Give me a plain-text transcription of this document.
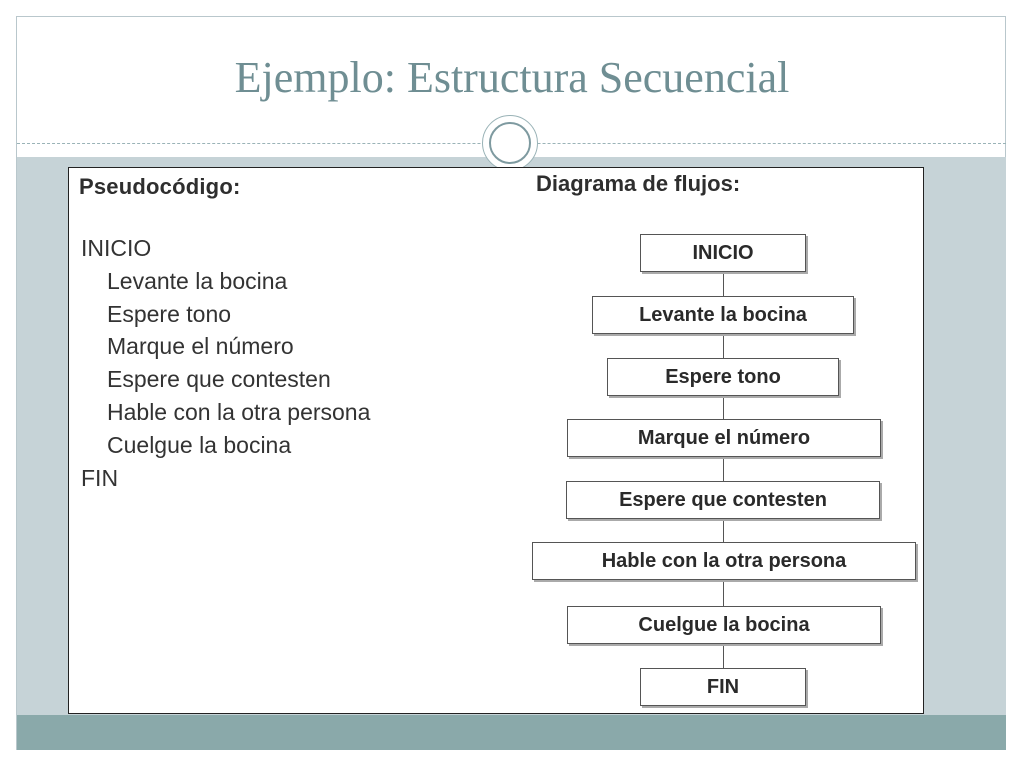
Ejemplo: Estructura Secuencial
Pseudocódigo:
INICIO
Levante la bocina
Espere tono
Marque el número
Espere que contesten
Hable con la otra persona
Cuelgue la bocina
FIN
Diagrama de flujos:
INICIO
Levante la bocina
Espere tono
Marque el número
Espere que contesten
Hable con la otra persona
Cuelgue la bocina
FIN
